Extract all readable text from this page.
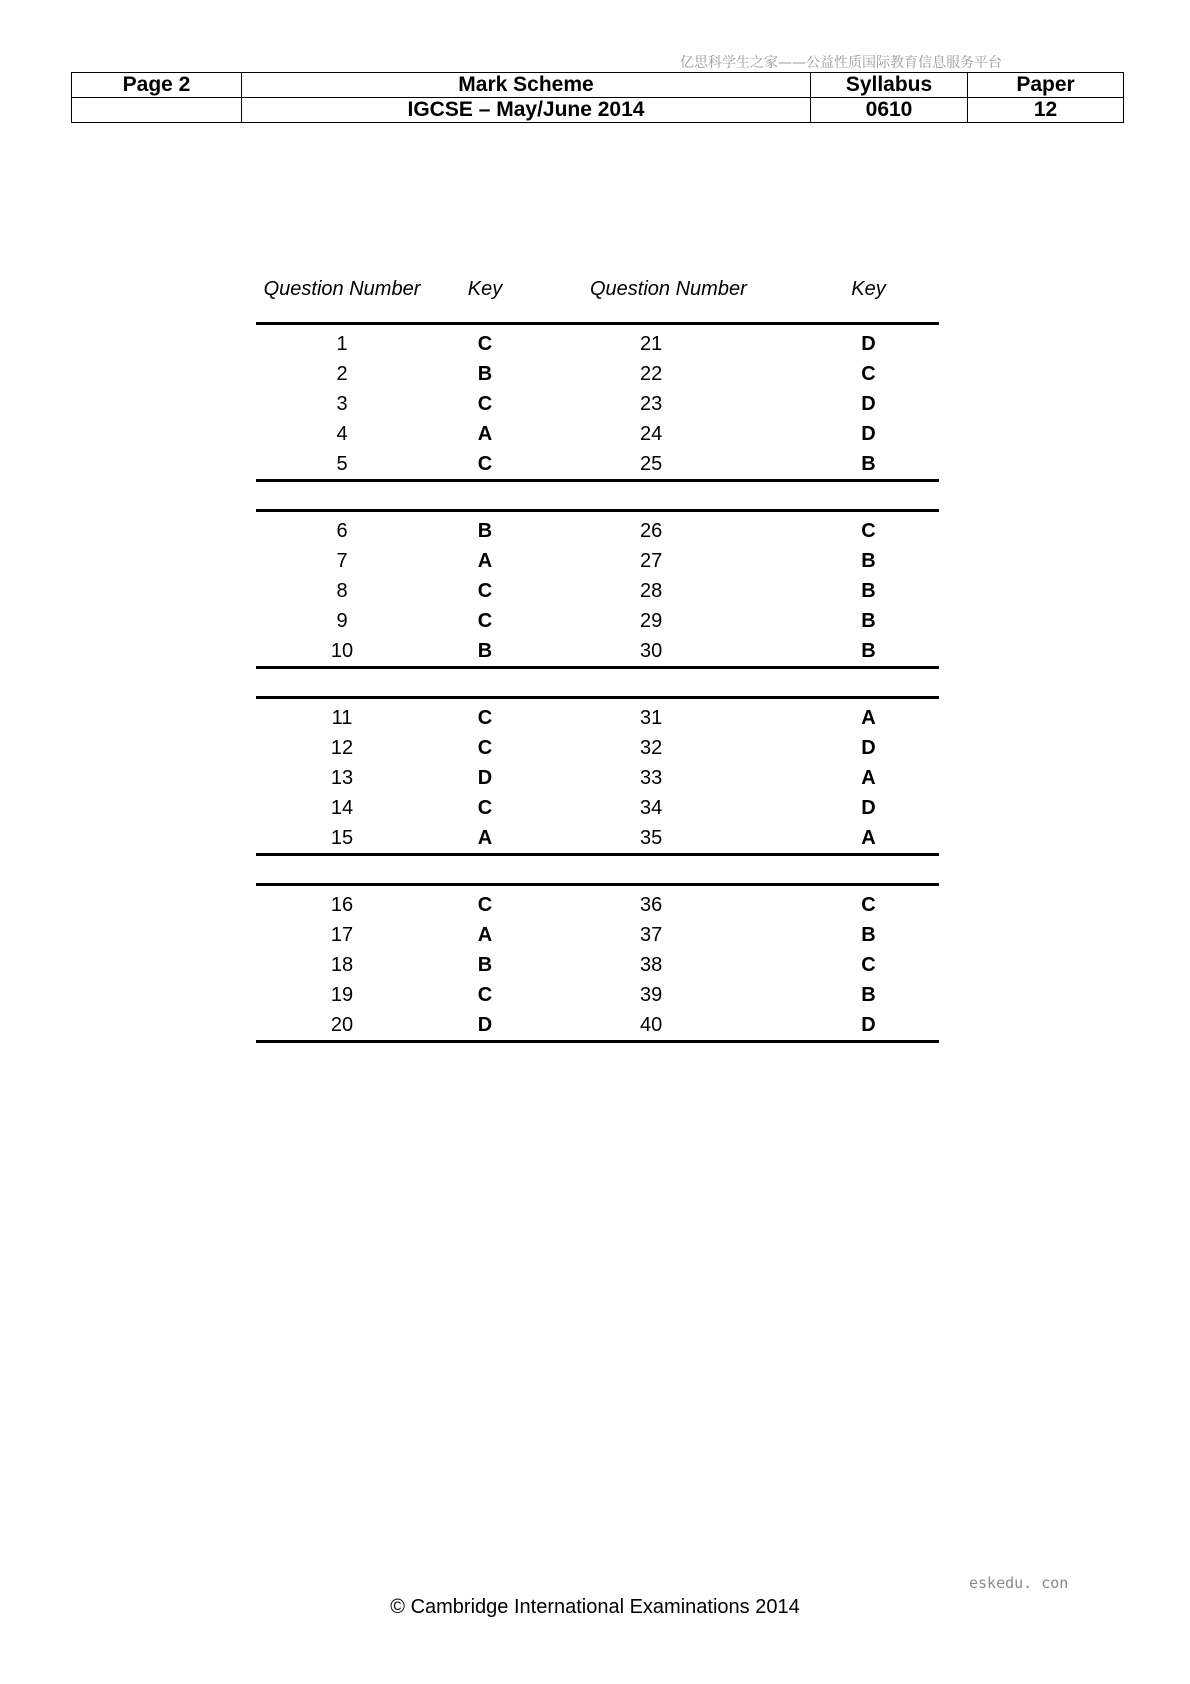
亿思科学生之家——公益性质国际教育信息服务平台
Page 2	Mark Scheme	Syllabus	Paper
	IGCSE – May/June 2014	0610	12
Question Number	Key	Question Number	Key
1	C	21	D
2	B	22	C
3	C	23	D
4	A	24	D
5	C	25	B

6	B	26	C
7	A	27	B
8	C	28	B
9	C	29	B
10	B	30	B

11	C	31	A
12	C	32	D
13	D	33	A
14	C	34	D
15	A	35	A

16	C	36	C
17	A	37	B
18	B	38	C
19	C	39	B
20	D	40	D
eskedu. con
© Cambridge International Examinations 2014
